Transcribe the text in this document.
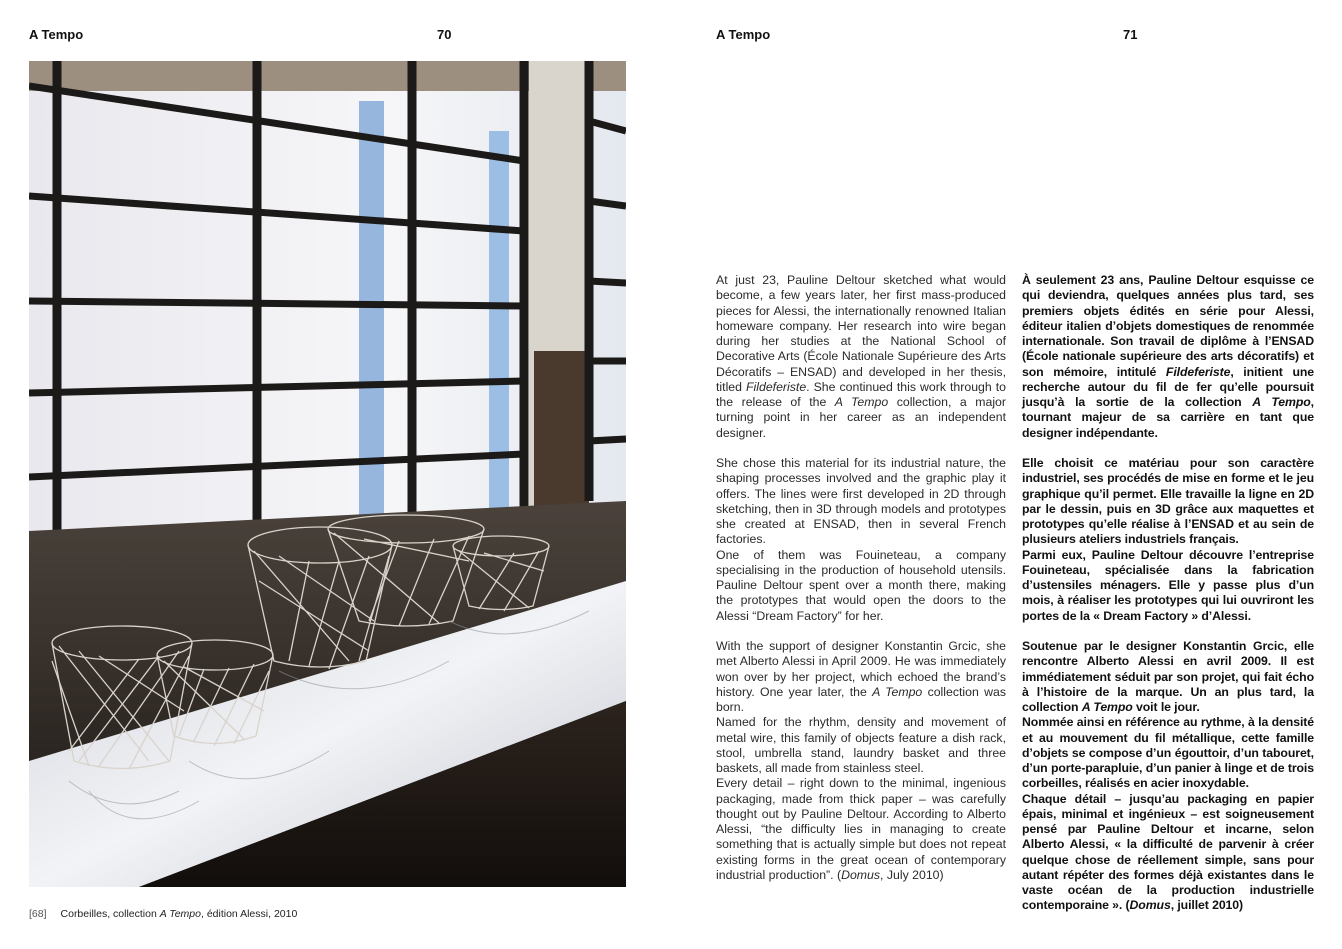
A Tempo	70
[68] Corbeilles, collection A Tempo, édition Alessi, 2010
A Tempo	71

At just 23, Pauline Deltour sketched what would become, a few years later, her first mass-produced pieces for Alessi, the internationally renowned Italian homeware company. Her research into wire began during her studies at the National School of Decorative Arts (École Nationale Supérieure des Arts Décoratifs – ENSAD) and developed in her thesis, titled Fildeferiste. She continued this work through to the release of the A Tempo collection, a major turning point in her career as an independent designer.

She chose this material for its industrial nature, the shaping processes involved and the graphic play it offers. The lines were first developed in 2D through sketching, then in 3D through models and prototypes she created at ENSAD, then in several French factories.

One of them was Fouineteau, a company specialising in the production of household utensils. Pauline Deltour spent over a month there, making the prototypes that would open the doors to the Alessi “Dream Factory” for her.

With the support of designer Konstantin Grcic, she met Alberto Alessi in April 2009. He was immediately won over by her project, which echoed the brand’s history. One year later, the A Tempo collection was born.

Named for the rhythm, density and movement of metal wire, this family of objects feature a dish rack, stool, umbrella stand, laundry basket and three baskets, all made from stainless steel.

Every detail – right down to the minimal, ingenious packaging, made from thick paper – was carefully thought out by Pauline Deltour. According to Alberto Alessi, “the difficulty lies in managing to create something that is actually simple but does not repeat existing forms in the great ocean of contemporary industrial production”. (Domus, July 2010)

À seulement 23 ans, Pauline Deltour esquisse ce qui deviendra, quelques années plus tard, ses premiers objets édités en série pour Alessi, éditeur italien d’objets domestiques de renommée internationale. Son travail de diplôme à l’ENSAD (École nationale supérieure des arts décoratifs) et son mémoire, intitulé Fildeferiste, initient une recherche autour du fil de fer qu’elle poursuit jusqu’à la sortie de la collection A Tempo, tournant majeur de sa carrière en tant que designer indépendante.

Elle choisit ce matériau pour son caractère industriel, ses procédés de mise en forme et le jeu graphique qu’il permet. Elle travaille la ligne en 2D par le dessin, puis en 3D grâce aux maquettes et prototypes qu’elle réalise à l’ENSAD et au sein de plusieurs ateliers industriels français.

Parmi eux, Pauline Deltour découvre l’entreprise Fouineteau, spécialisée dans la fabrication d’ustensiles ménagers. Elle y passe plus d’un mois, à réaliser les prototypes qui lui ouvriront les portes de la « Dream Factory » d’Alessi.

Soutenue par le designer Konstantin Grcic, elle rencontre Alberto Alessi en avril 2009. Il est immédiatement séduit par son projet, qui fait écho à l’histoire de la marque. Un an plus tard, la collection A Tempo voit le jour.

Nommée ainsi en référence au rythme, à la densité et au mouvement du fil métallique, cette famille d’objets se compose d’un égouttoir, d’un tabouret, d’un porte-parapluie, d’un panier à linge et de trois corbeilles, réalisés en acier inoxydable.

Chaque détail – jusqu’au packaging en papier épais, minimal et ingénieux – est soigneusement pensé par Pauline Deltour et incarne, selon Alberto Alessi, « la difficulté de parvenir à créer quelque chose de réellement simple, sans pour autant répéter des formes déjà existantes dans le vaste océan de la production industrielle contemporaine ». (Domus, juillet 2010)
